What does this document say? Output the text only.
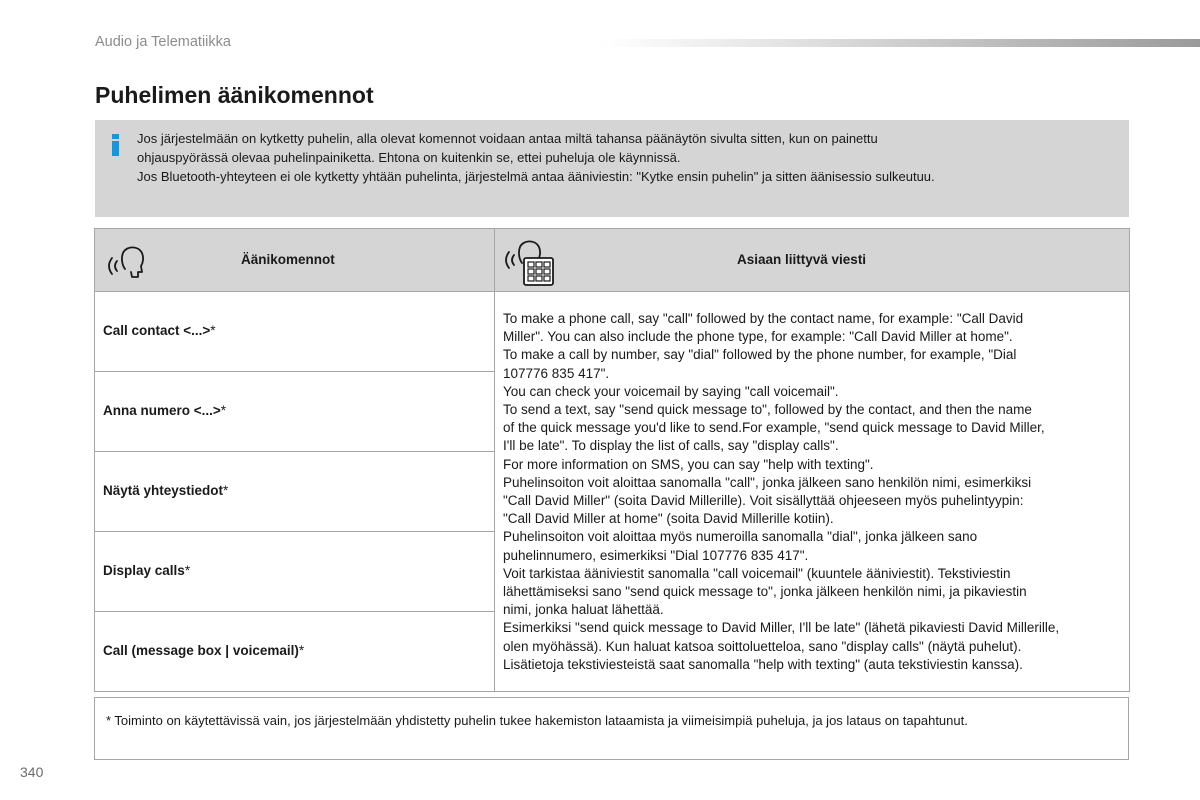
Audio ja Telematiikka
Puhelimen äänikomennot

Jos järjestelmään on kytketty puhelin, alla olevat komennot voidaan antaa miltä tahansa päänäytön sivulta sitten, kun on painettu

ohjauspyörässä olevaa puhelinpainiketta. Ehtona on kuitenkin se, ettei puheluja ole käynnissä.

Jos Bluetooth-yhteyteen ei ole kytketty yhtään puhelinta, järjestelmä antaa ääniviestin: "Kytke ensin puhelin" ja sitten äänisessio sulkeutuu.

Äänikomennot	Asiaan liittyvä viesti
Call contact <...>*
Anna numero <...>*
Näytä yhteystiedot*
Display calls*
Call (message box | voicemail)*

To make a phone call, say "call" followed by the contact name, for example: "Call David

Miller". You can also include the phone type, for example: "Call David Miller at home".

To make a call by number, say "dial" followed by the phone number, for example, "Dial

107776 835 417".

You can check your voicemail by saying "call voicemail".

To send a text, say "send quick message to", followed by the contact, and then the name

of the quick message you'd like to send.For example, "send quick message to David Miller,

I'll be late". To display the list of calls, say "display calls".

For more information on SMS, you can say "help with texting".

Puhelinsoiton voit aloittaa sanomalla "call", jonka jälkeen sano henkilön nimi, esimerkiksi

"Call David Miller" (soita David Millerille). Voit sisällyttää ohjeeseen myös puhelintyypin:

"Call David Miller at home" (soita David Millerille kotiin).

Puhelinsoiton voit aloittaa myös numeroilla sanomalla "dial", jonka jälkeen sano

puhelinnumero, esimerkiksi "Dial 107776 835 417".

Voit tarkistaa ääniviestit sanomalla "call voicemail" (kuuntele ääniviestit). Tekstiviestin

lähettämiseksi sano "send quick message to", jonka jälkeen henkilön nimi, ja pikaviestin

nimi, jonka haluat lähettää.

Esimerkiksi "send quick message to David Miller, I'll be late" (lähetä pikaviesti David Millerille,

olen myöhässä). Kun haluat katsoa soittoluetteloa, sano "display calls" (näytä puhelut).

Lisätietoja tekstiviesteistä saat sanomalla "help with texting" (auta tekstiviestin kanssa).

* Toiminto on käytettävissä vain, jos järjestelmään yhdistetty puhelin tukee hakemiston lataamista ja viimeisimpiä puheluja, ja jos lataus on tapahtunut.
340
